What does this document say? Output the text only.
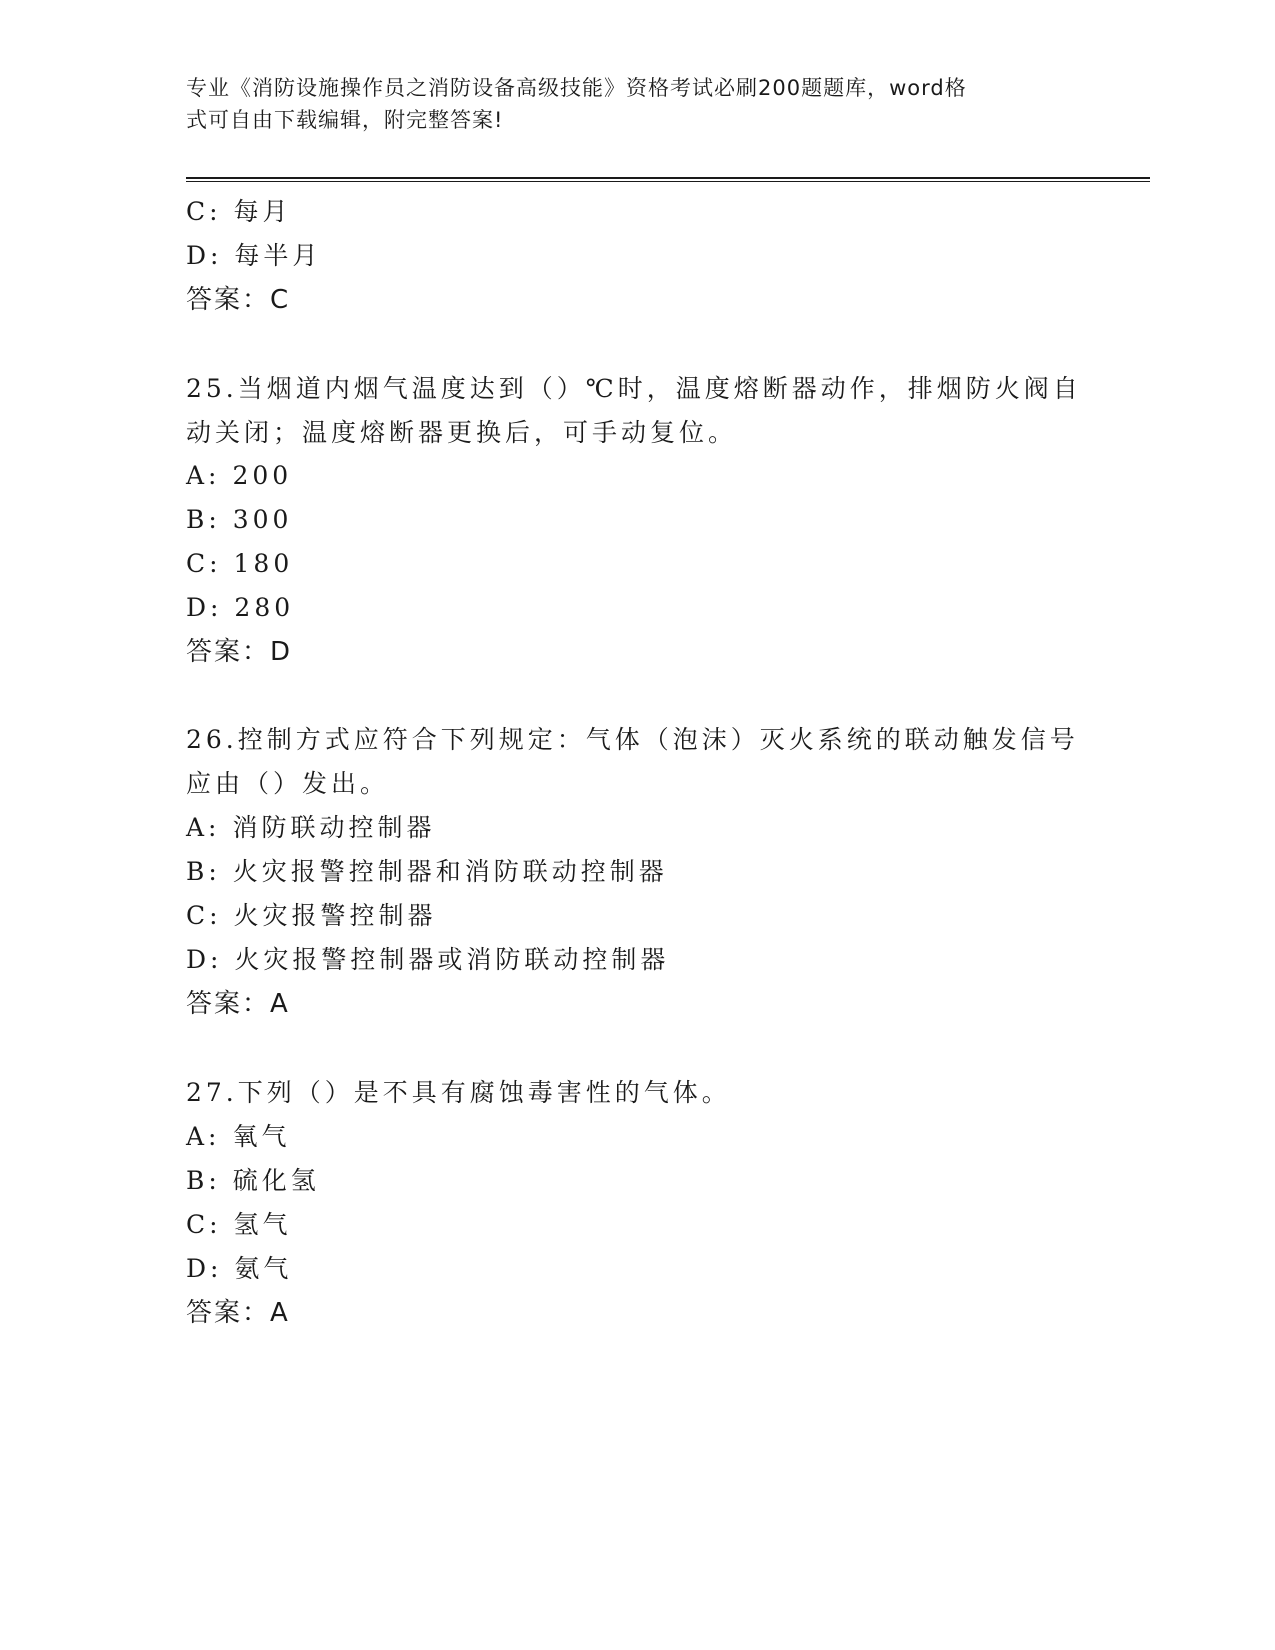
专业《消防设施操作员之消防设备高级技能》资格考试必刷200题题库，word格
式可自由下载编辑，附完整答案!
C: 每月
D: 每半月
答案：C
25.当烟道内烟气温度达到（）℃时，温度熔断器动作，排烟防火阀自
动关闭；温度熔断器更换后，可手动复位。
A: 200
B: 300
C: 180
D: 280
答案：D
26.控制方式应符合下列规定：气体（泡沫）灭火系统的联动触发信号
应由（）发出。
A: 消防联动控制器
B: 火灾报警控制器和消防联动控制器
C: 火灾报警控制器
D: 火灾报警控制器或消防联动控制器
答案：A
27.下列（）是不具有腐蚀毒害性的气体。
A: 氧气
B: 硫化氢
C: 氢气
D: 氨气
答案：A
